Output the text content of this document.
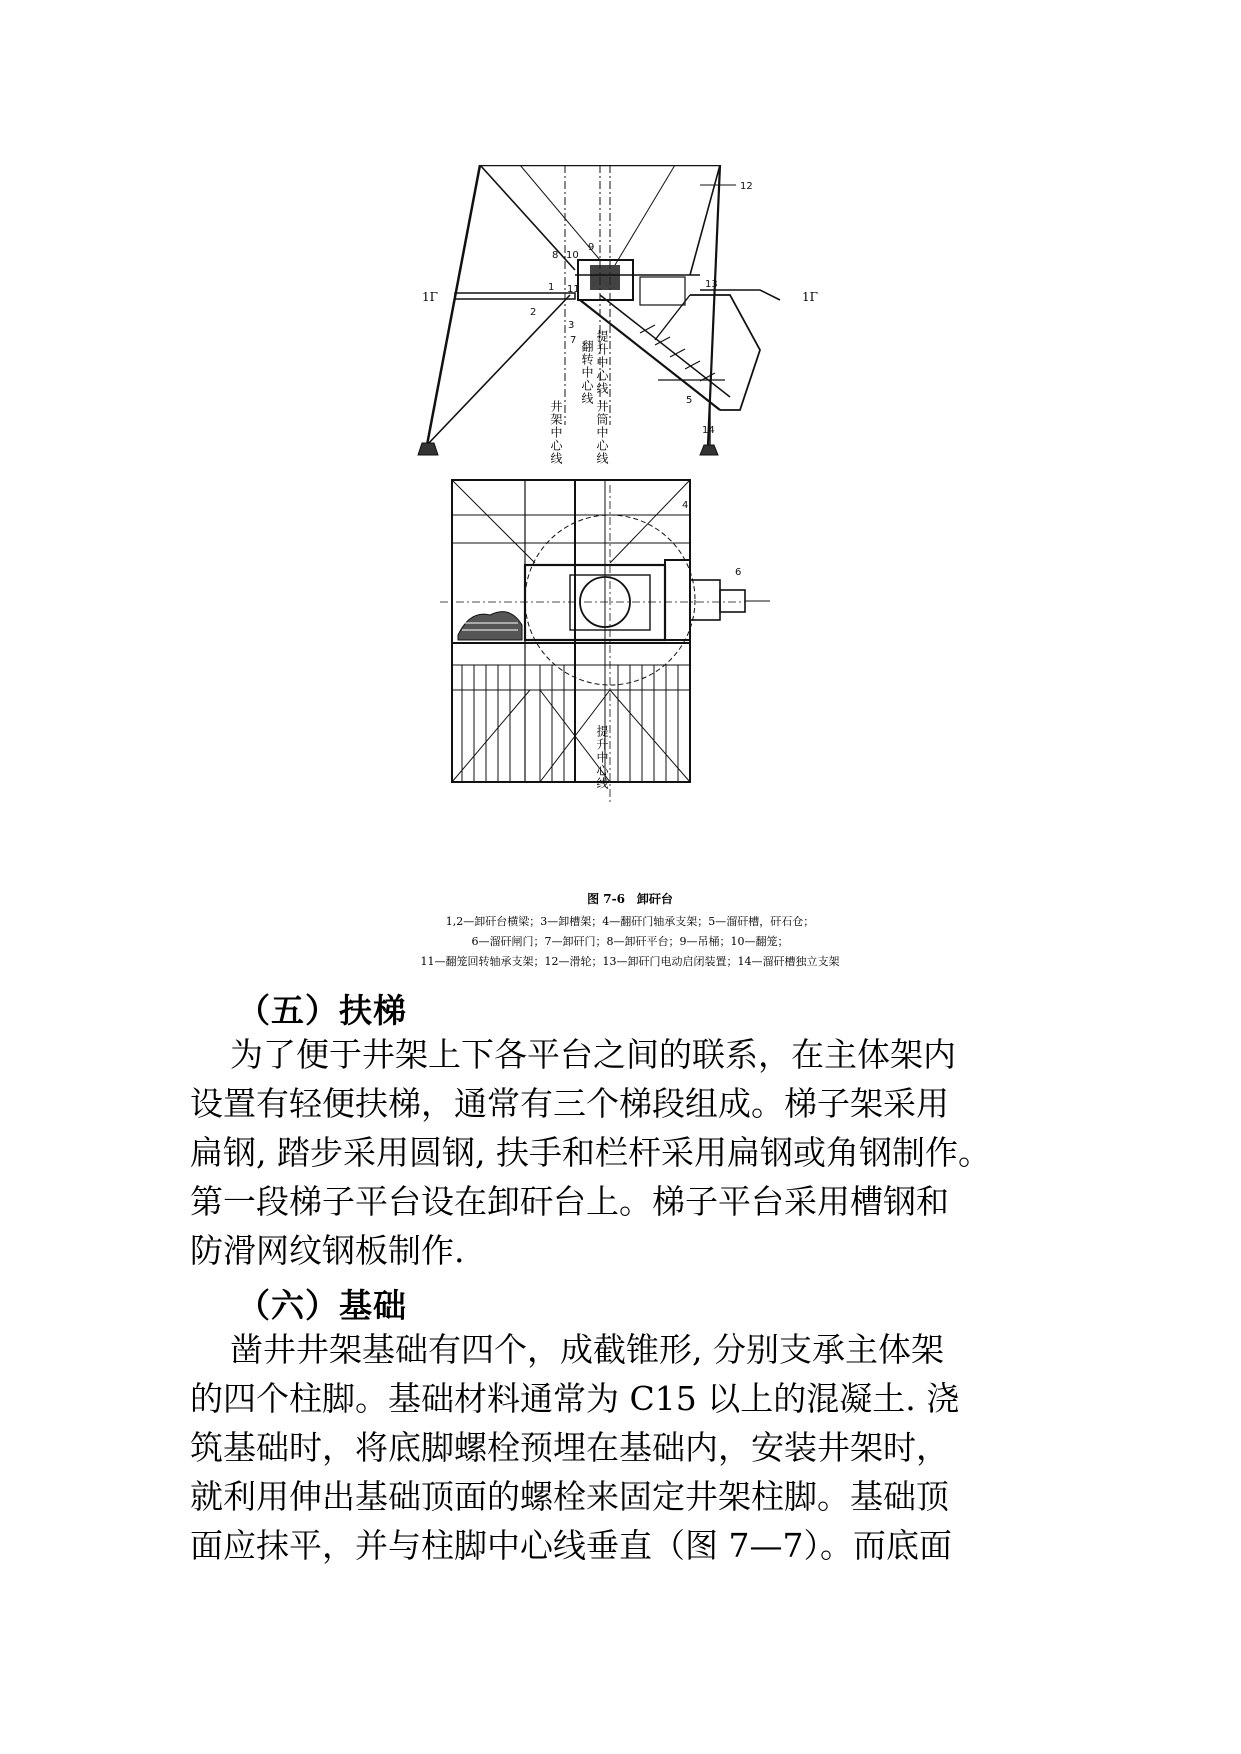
1
2
3
4
5
6
7
8
9
10
11
12
13
14
提升中心线
翻转中心线
井架中心线	井筒中心线
提升中心线
1Γ	1Γ
图 7-6　卸矸台
1,2—卸矸台横梁；3—卸槽架；4—翻矸门轴承支架；5—溜矸槽，矸石仓；
6—溜矸闸门；7—卸矸门；8—卸矸平台；9—吊桶；10—翻笼；
11—翻笼回转轴承支架；12—滑轮；13—卸矸门电动启闭装置；14—溜矸槽独立支架
（五）扶梯
为了便于井架上下各平台之间的联系，在主体架内
设置有轻便扶梯，通常有三个梯段组成。梯子架采用
扁钢, 踏步采用圆钢, 扶手和栏杆采用扁钢或角钢制作。
第一段梯子平台设在卸矸台上。梯子平台采用槽钢和
防滑网纹钢板制作.
（六）基础
凿井井架基础有四个，成截锥形, 分别支承主体架
的四个柱脚。基础材料通常为 C15 以上的混凝土. 浇
筑基础时，将底脚螺栓预埋在基础内，安装井架时，
就利用伸出基础顶面的螺栓来固定井架柱脚。基础顶
面应抹平，并与柱脚中心线垂直（图 7—7）。而底面
